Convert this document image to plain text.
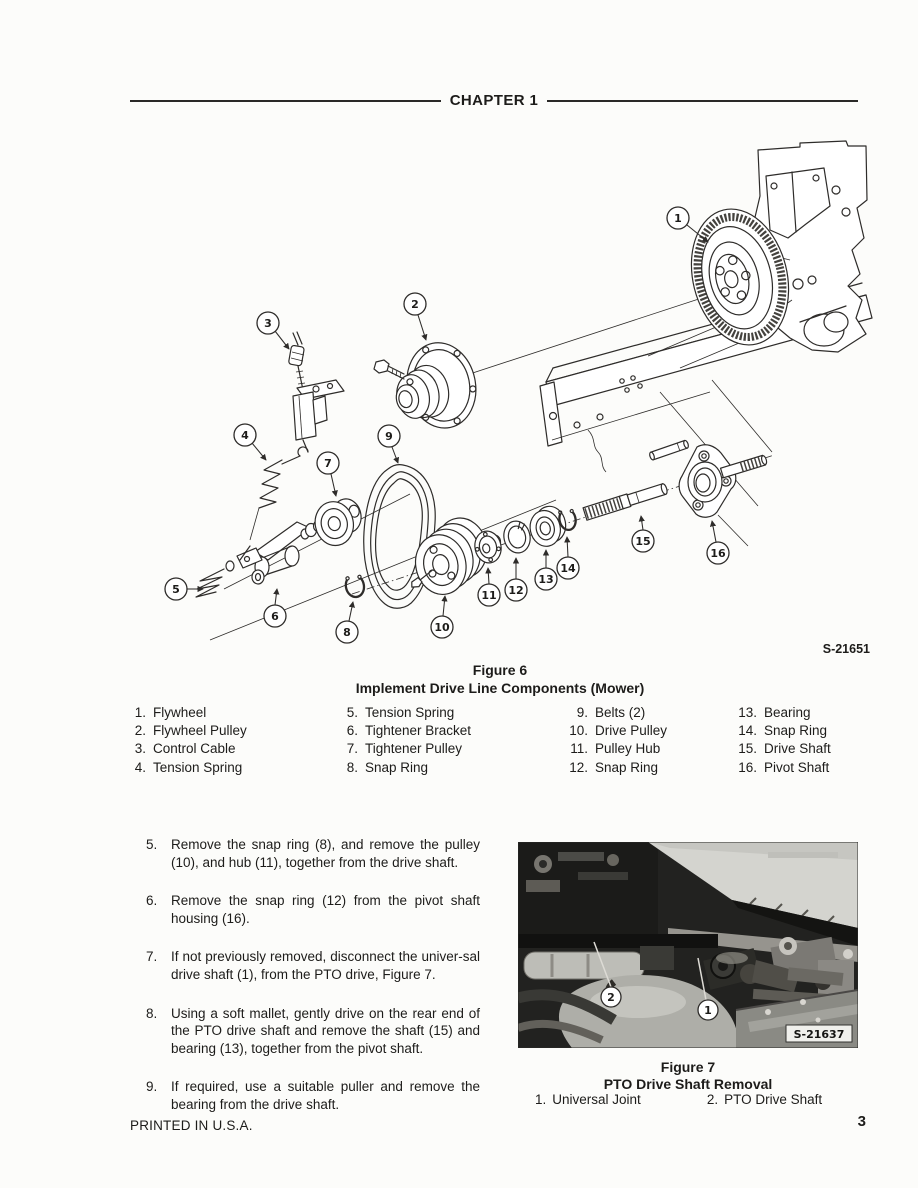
CHAPTER 1
1
2
3
4
5
6
7
8
9
10
11 12
13
14
15
16
S-21651
Figure 6
Implement Drive Line Components (Mower)
1. Flywheel
2. Flywheel Pulley
3. Control Cable
4. Tension Spring
5. Tension Spring
6. Tightener Bracket
7. Tightener Pulley
8. Snap Ring
9. Belts (2)
10. Drive Pulley
11. Pulley Hub
12. Snap Ring
13. Bearing
14. Snap Ring
15. Drive Shaft
16. Pivot Shaft
5.	Remove the snap ring (8), and remove the pulley (10), and hub (11), together from the drive shaft.
6.	Remove the snap ring (12) from the pivot shaft housing (16).
7.	If not previously removed, disconnect the univer-sal drive shaft (1), from the PTO drive, Figure 7.
8.	Using a soft mallet, gently drive on the rear end of the PTO drive shaft and remove the shaft (15) and bearing (13), together from the pivot shaft.
9.	If required, use a suitable puller and remove the bearing from the drive shaft.
2
1
S-21637
Figure 7
PTO Drive Shaft Removal
1. Universal Joint	2. PTO Drive Shaft
PRINTED IN U.S.A.	3
